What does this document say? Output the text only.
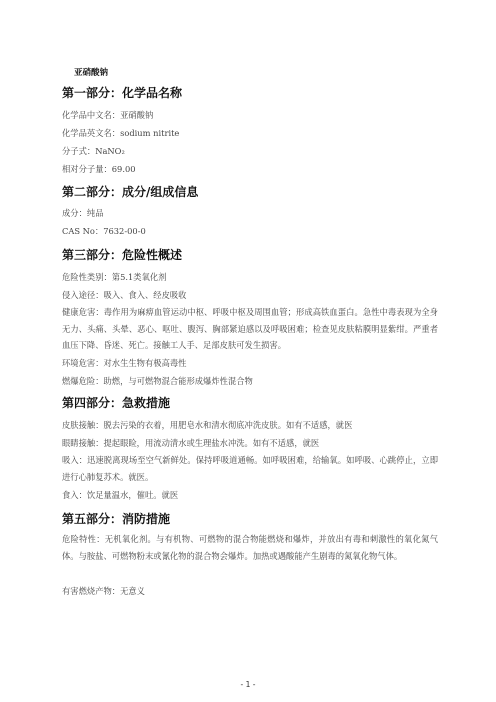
亚硝酸钠
第一部分：化学品名称
化学品中文名：亚硝酸钠
化学品英文名：sodium nitrite
分子式：NaNO₂
相对分子量：69.00
第二部分：成分/组成信息
成分：纯品
CAS No：7632-00-0
第三部分：危险性概述
危险性类别：第5.1类氧化剂
侵入途径：吸入、食入、经皮吸收
健康危害：毒作用为麻痹血管运动中枢、呼吸中枢及周围血管；形成高铁血蛋白。急性中毒表现为全身无力、头痛、头晕、恶心、呕吐、腹泻、胸部紧迫感以及呼吸困难；检查见皮肤粘膜明显紫绀。严重者血压下降、昏迷、死亡。接触工人手、足部皮肤可发生损害。
环境危害：对水生生物有极高毒性
燃爆危险：助燃，与可燃物混合能形成爆炸性混合物
第四部分：急救措施
皮肤接触：脱去污染的衣着，用肥皂水和清水彻底冲洗皮肤。如有不适感，就医
眼睛接触：提起眼睑，用流动清水或生理盐水冲洗。如有不适感，就医
吸入：迅速脱离现场至空气新鲜处。保持呼吸道通畅。如呼吸困难，给输氧。如呼吸、心跳停止，立即进行心肺复苏术。就医。
食入：饮足量温水，催吐。就医
第五部分：消防措施
危险特性：无机氧化剂。与有机物、可燃物的混合物能燃烧和爆炸，并放出有毒和刺激性的氧化氮气体。与胺盐、可燃物粉末或氰化物的混合物会爆炸。加热或遇酸能产生剧毒的氮氧化物气体。
有害燃烧产物：无意义
- 1 -
